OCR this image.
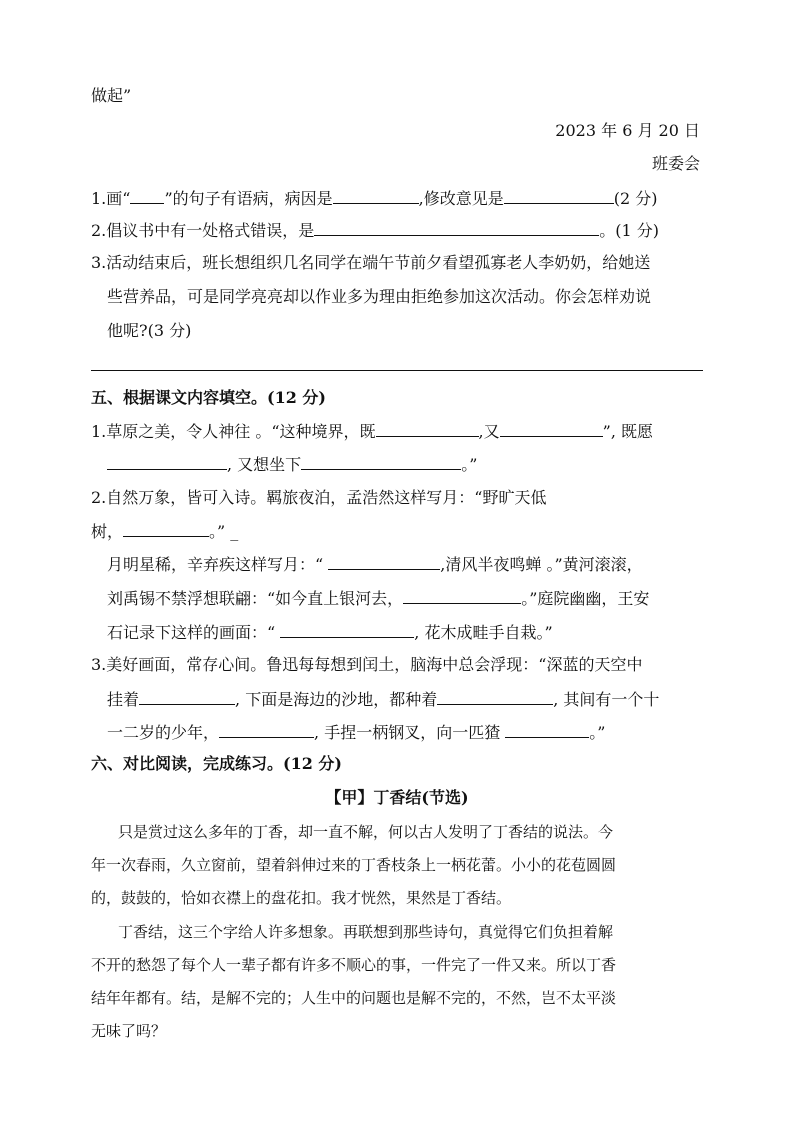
做起”
2023 年 6 月 20 日
班委会
1.画“ ”的句子有语病，病因是	,修改意见是	(2 分)
2.倡议书中有一处格式错误，是	。(1 分)
3.活动结束后，班长想组织几名同学在端午节前夕看望孤寡老人李奶奶，给她送
些营养品，可是同学亮亮却以作业多为理由拒绝参加这次活动。你会怎样劝说
他呢?(3 分)
五、根据课文内容填空。(12 分)
1.草原之美，令人神往 。“这种境界，既	,又	”, 既愿
, 又想坐下	。”
2.自然万象，皆可入诗。羁旅夜泊，孟浩然这样写月：“野旷天低
树，	。” _
月明星稀，辛弃疾这样写月：“	,清风半夜鸣蝉 。”黄河滚滚，
刘禹锡不禁浮想联翩：“如今直上银河去，	。”庭院幽幽，王安
石记录下这样的画面：“	, 花木成畦手自栽。”
3.美好画面，常存心间。鲁迅每每想到闰土，脑海中总会浮现：“深蓝的天空中
挂着	, 下面是海边的沙地，都种着	, 其间有一个十
一二岁的少年，	, 手捏一柄钢叉，向一匹猹	。”
六、对比阅读，完成练习。(12 分)
【甲】丁香结(节选)
只是赏过这么多年的丁香，却一直不解，何以古人发明了丁香结的说法。今
年一次春雨，久立窗前，望着斜伸过来的丁香枝条上一柄花蕾。小小的花苞圆圆
的，鼓鼓的，恰如衣襟上的盘花扣。我才恍然，果然是丁香结。
丁香结，这三个字给人许多想象。再联想到那些诗句，真觉得它们负担着解
不开的愁怨了每个人一辈子都有许多不顺心的事，一件完了一件又来。所以丁香
结年年都有。结，是解不完的；人生中的问题也是解不完的，不然，岂不太平淡
无味了吗？
